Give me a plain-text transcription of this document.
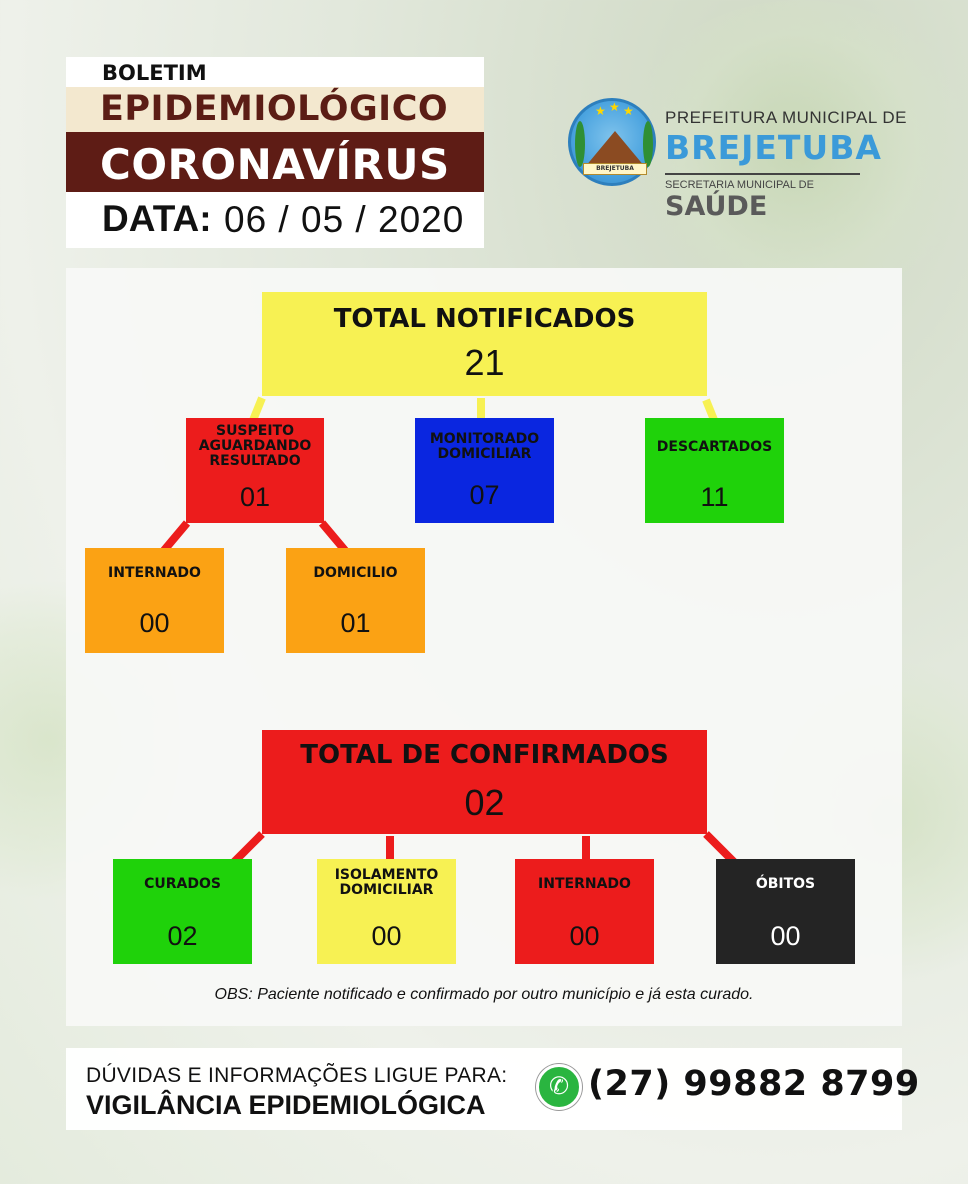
BOLETIM
EPIDEMIOLÓGICO
CORONAVÍRUS
DATA: 06 / 05 / 2020
★ ★ ★
BREJETUBA
PREFEITURA MUNICIPAL DE
BREJETUBA
SECRETARIA MUNICIPAL DE
SAÚDE
TOTAL NOTIFICADOS
21
SUSPEITO AGUARDANDO RESULTADO
01
MONITORADO DOMICILIAR
07
DESCARTADOS
11
INTERNADO
00
DOMICILIO
01
TOTAL DE CONFIRMADOS
02
CURADOS
02
ISOLAMENTO DOMICILIAR
00
INTERNADO
00
ÓBITOS
00
OBS: Paciente notificado e confirmado por outro município e já esta curado.
DÚVIDAS E INFORMAÇÕES LIGUE PARA:
VIGILÂNCIA EPIDEMIOLÓGICA
✆ (27) 99882 8799
